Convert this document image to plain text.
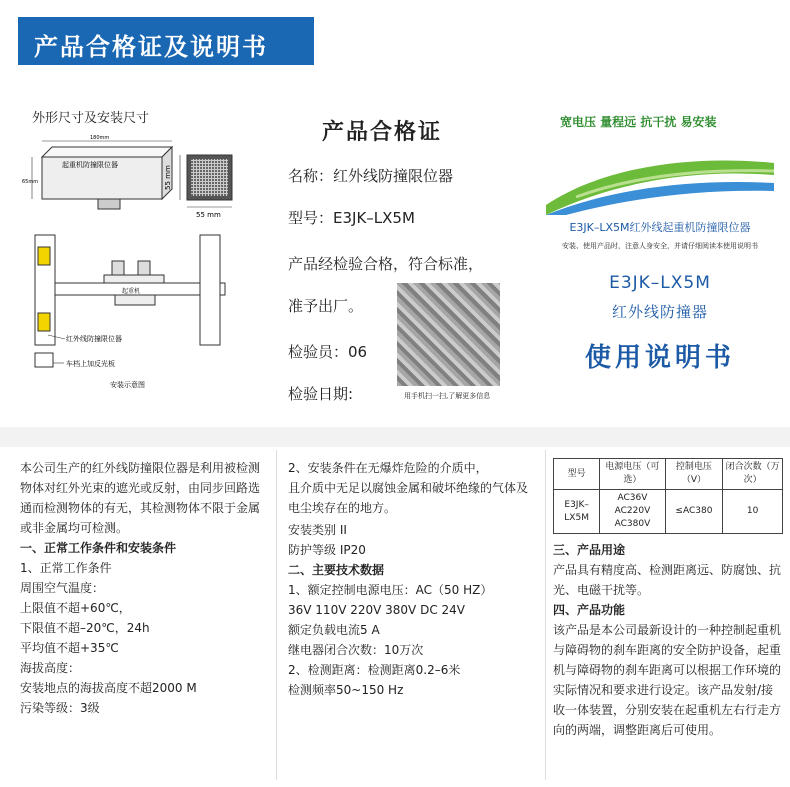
产品合格证及说明书
外形尺寸及安装尺寸
180mm
65mm
起重机防撞限位器
55 mm
55 mm
起重机
红外线防撞限位器
车档上加反光板
安装示意图
产品合格证
名称：红外线防撞限位器
型号：E3JK–LX5M
产品经检验合格，符合标准，
准予出厂。
检验员：06
检验日期:	用手机扫一扫,了解更多信息
宽电压 量程远 抗干扰 易安装
E3JK–LX5M红外线起重机防撞限位器
安装、使用产品时，注意人身安全，并请仔细阅读本使用说明书
E3JK–LX5M
红外线防撞器
使用说明书
本公司生产的红外线防撞限位器是利用被检测物体对红外光束的遮光或反射，由同步回路选通而检测物体的有无，其检测物体不限于金属或非金属均可检测。
一、正常工作条件和安装条件
1、正常工作条件
周围空气温度：
上限值不超+60℃，
下限值不超–20℃，24h
平均值不超+35℃
海拔高度：
安装地点的海拔高度不超2000 M
污染等级：3级
2、安装条件在无爆炸危险的介质中，
且介质中无足以腐蚀金属和破坏绝缘的气体及电尘埃存在的地方。
安装类别 II
防护等级 IP20
二、主要技术数据
1、额定控制电源电压：AC（50 HZ）
36V 110V 220V 380V DC 24V
额定负载电流5 A
继电器闭合次数：10万次
2、检测距离：检测距离0.2–6米
检测频率50~150 Hz
型号	电源电压（可选）	控制电压（V）	闭合次数（万次）
E3JK–LX5M	AC36V
AC220V
AC380V	≤AC380	10
三、产品用途
产品具有精度高、检测距离远、防腐蚀、抗光、电磁干扰等。
四、产品功能
该产品是本公司最新设计的一种控制起重机与障碍物的刹车距离的安全防护设备，起重机与障碍物的刹车距离可以根据工作环境的实际情况和要求进行设定。该产品发射/接收一体装置，分别安装在起重机左右行走方向的两端，调整距离后可使用。
